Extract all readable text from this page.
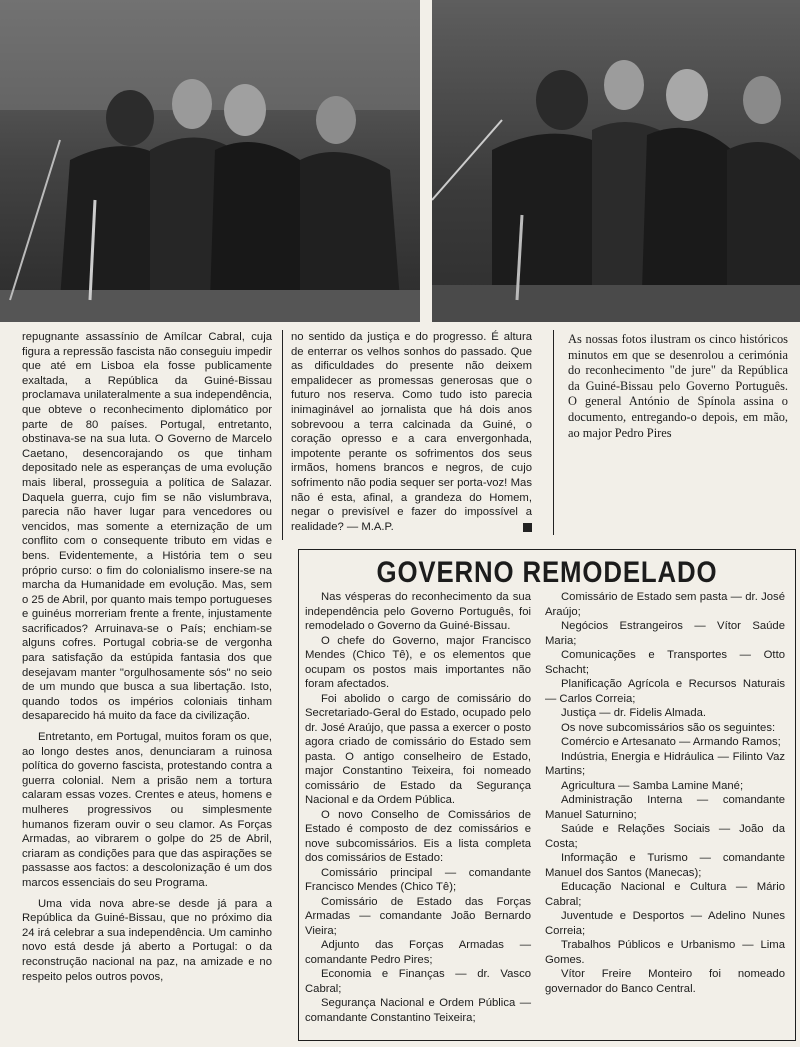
repugnante assassínio de Amílcar Cabral, cuja figura a repressão fascista não conseguiu impedir que até em Lisboa ela fosse publicamente exaltada, a República da Guiné-Bissau proclamava unilateralmente a sua independência, que obteve o reconhecimento diplomático por parte de 80 países. Portugal, entretanto, obstinava-se na sua luta. O Governo de Marcelo Caetano, desencorajando os que tinham depositado nele as esperanças de uma evolução mais liberal, prosseguia a política de Salazar. Daquela guerra, cujo fim se não vislumbrava, parecia não haver lugar para vencedores ou vencidos, mas somente a eternização de um conflito com o consequente tributo em vidas e bens. Evidentemente, a História tem o seu próprio curso: o fim do colonialismo insere-se na marcha da Humanidade em evolução. Mas, sem o 25 de Abril, por quanto mais tempo portugueses e guinéus morreriam frente a frente, injustamente sacrificados? Arruinava-se o País; enchiam-se alguns cofres. Portugal cobria-se de vergonha para satisfação da estúpida fantasia dos que desejavam manter "orgulhosamente sós" no seio de um mundo que busca a sua libertação. Isto, quando todos os impérios coloniais tinham desaparecido há muito da face da civilização.

Entretanto, em Portugal, muitos foram os que, ao longo destes anos, denunciaram a ruinosa política do governo fascista, protestando contra a guerra colonial. Nem a prisão nem a tortura calaram essas vozes. Crentes e ateus, homens e mulheres progressivos ou simplesmente humanos fizeram ouvir o seu clamor. As Forças Armadas, ao vibrarem o golpe do 25 de Abril, criaram as condições para que das aspirações se passasse aos factos: a descolonização é um dos marcos essenciais do seu Programa.

Uma vida nova abre-se desde já para a República da Guiné-Bissau, que no próximo dia 24 irá celebrar a sua independência. Um caminho novo está desde já aberto a Portugal: o da reconstrução nacional na paz, na amizade e no respeito pelos outros povos,

no sentido da justiça e do progresso. É altura de enterrar os velhos sonhos do passado. Que as dificuldades do presente não deixem empalidecer as promessas generosas que o futuro nos reserva. Como tudo isto parecia inimaginável ao jornalista que há dois anos sobrevoou a terra calcinada da Guiné, o coração opresso e a cara envergonhada, impotente perante os sofrimentos dos seus irmãos, homens brancos e negros, de cujo sofrimento não podia sequer ser porta-voz! Mas não é esta, afinal, a grandeza do Homem, negar o previsível e fazer do impossível a realidade? — M.A.P.

As nossas fotos ilustram os cinco históricos minutos em que se desenrolou a cerimónia do reconhecimento "de jure" da República da Guiné-Bissau pelo Governo Português. O general António de Spínola assina o documento, entregando-o depois, em mão, ao major Pedro Pires

GOVERNO REMODELADO

Nas vésperas do reconhecimento da sua independência pelo Governo Português, foi remodelado o Governo da Guiné-Bissau.

O chefe do Governo, major Francisco Mendes (Chico Tê), e os elementos que ocupam os postos mais importantes não foram afectados.

Foi abolido o cargo de comissário do Secretariado-Geral do Estado, ocupado pelo dr. José Araújo, que passa a exercer o posto agora criado de comissário do Estado sem pasta. O antigo conselheiro de Estado, major Constantino Teixeira, foi nomeado comissário de Estado da Segurança Nacional e da Ordem Pública.

O novo Conselho de Comissários de Estado é composto de dez comissários e nove subcomissários. Eis a lista completa dos comissários de Estado:

Comissário principal — comandante Francisco Mendes (Chico Tê);

Comissário de Estado das Forças Armadas — comandante João Bernardo Vieira;

Adjunto das Forças Armadas — comandante Pedro Pires;

Economia e Finanças — dr. Vasco Cabral;

Segurança Nacional e Ordem Pública — comandante Constantino Teixeira;

Comissário de Estado sem pasta — dr. José Araújo;

Negócios Estrangeiros — Vítor Saúde Maria;

Comunicações e Transportes — Otto Schacht;

Planificação Agrícola e Recursos Naturais — Carlos Correia;

Justiça — dr. Fidelis Almada.

Os nove subcomissários são os seguintes:

Comércio e Artesanato — Armando Ramos;

Indústria, Energia e Hidráulica — Filinto Vaz Martins;

Agricultura — Samba Lamine Mané;

Administração Interna — comandante Manuel Saturnino;

Saúde e Relações Sociais — João da Costa;

Informação e Turismo — comandante Manuel dos Santos (Manecas);

Educação Nacional e Cultura — Mário Cabral;

Juventude e Desportos — Adelino Nunes Correia;

Trabalhos Públicos e Urbanismo — Lima Gomes.

Vítor Freire Monteiro foi nomeado governador do Banco Central.
